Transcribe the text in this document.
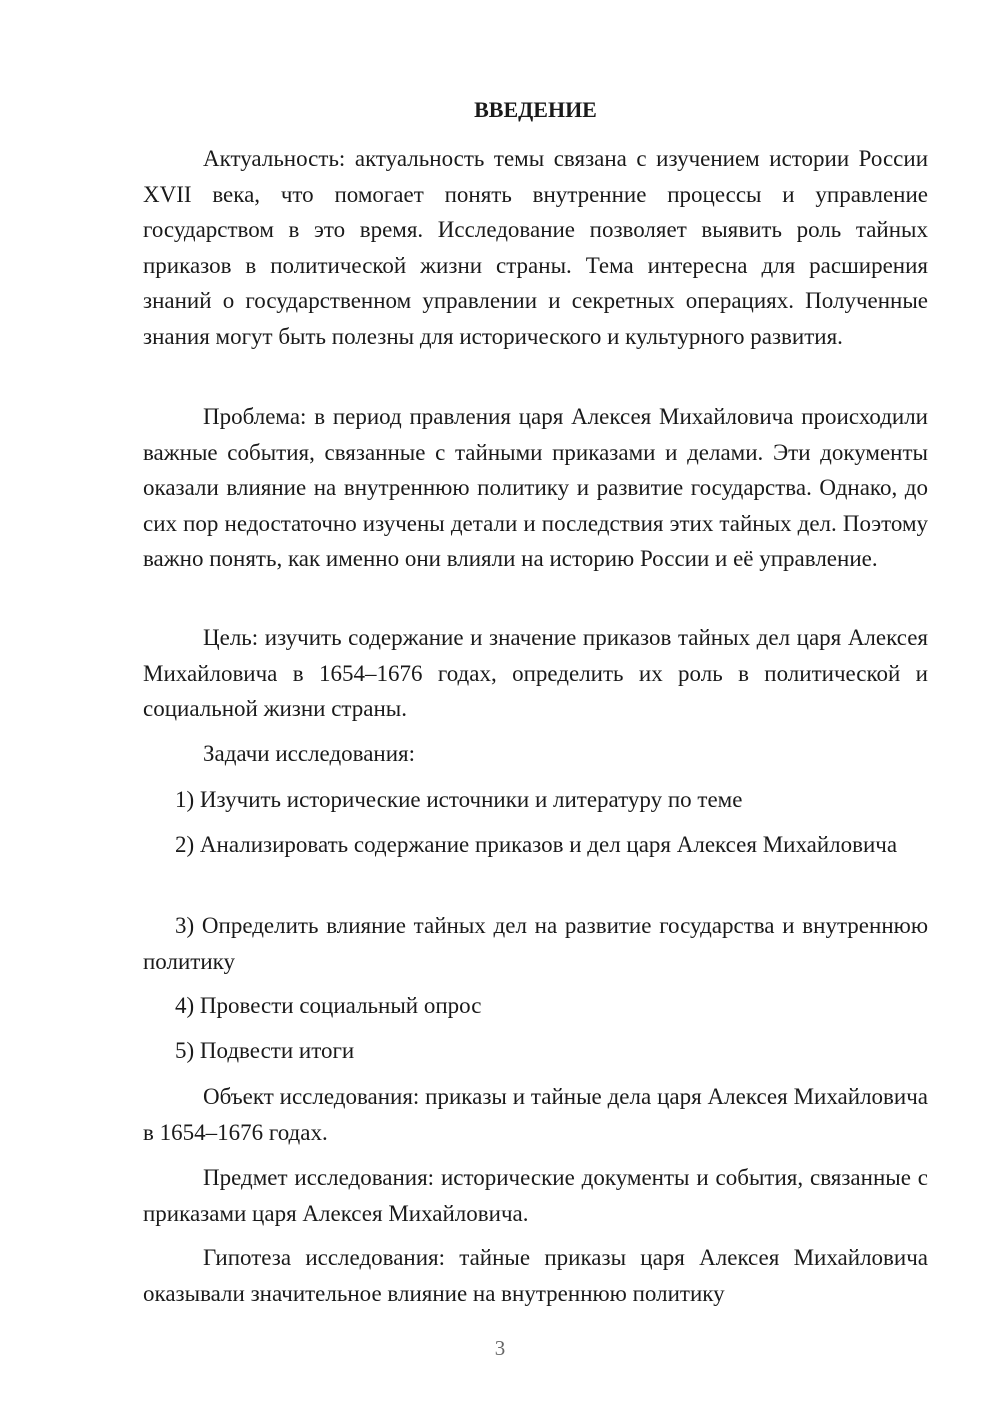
ВВЕДЕНИЕ

Актуальность: актуальность темы связана с изучением истории России XVII века, что помогает понять внутренние процессы и управление государством в это время. Исследование позволяет выявить роль тайных приказов в политической жизни страны. Тема интересна для расширения знаний о государственном управлении и секретных операциях. Полученные знания могут быть полезны для исторического и культурного развития.

Проблема: в период правления царя Алексея Михайловича происходили важные события, связанные с тайными приказами и делами. Эти документы оказали влияние на внутреннюю политику и развитие государства. Однако, до сих пор недостаточно изучены детали и последствия этих тайных дел. Поэтому важно понять, как именно они влияли на историю России и её управление.

Цель: изучить содержание и значение приказов тайных дел царя Алексея Михайловича в 1654–1676 годах, определить их роль в политической и социальной жизни страны.

Задачи исследования:

1) Изучить исторические источники и литературу по теме

2) Анализировать содержание приказов и дел царя Алексея Михайловича

3) Определить влияние тайных дел на развитие государства и внутреннюю политику

4) Провести социальный опрос

5) Подвести итоги

Объект исследования: приказы и тайные дела царя Алексея Михайловича в 1654–1676 годах.

Предмет исследования: исторические документы и события, связанные с приказами царя Алексея Михайловича.

Гипотеза исследования: тайные приказы царя Алексея Михайловича оказывали значительное влияние на внутреннюю политику

3
